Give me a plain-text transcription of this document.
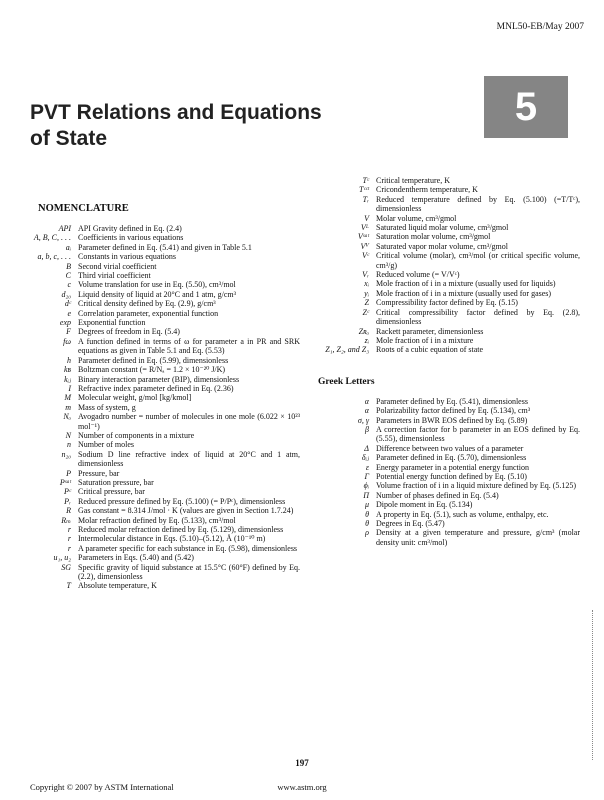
MNL50-EB/May 2007
PVT Relations and Equations
of State
5
NOMENCLATURE
API API Gravity defined in Eq. (2.4)
A, B, C, . . . Coefficients in various equations
aᵢ Parameter defined in Eq. (5.41) and given in Table 5.1
a, b, c, . . . Constants in various equations
B Second virial coefficient
C Third virial coefficient
c Volume translation for use in Eq. (5.50), cm³/mol
d₂₀ Liquid density of liquid at 20°C and 1 atm, g/cm³
dᶜ Critical density defined by Eq. (2.9), g/cm³
e Correlation parameter, exponential function
exp Exponential function
F Degrees of freedom in Eq. (5.4)
fω A function defined in terms of ω for parameter a in PR and SRK equations as given in Table 5.1 and Eq. (5.53)
h Parameter defined in Eq. (5.99), dimensionless
kʙ Boltzman constant (= R/Nₐ = 1.2 × 10⁻²⁰ J/K)
kᵢⱼ Binary interaction parameter (BIP), dimensionless
I Refractive index parameter defined in Eq. (2.36)
M Molecular weight, g/mol [kg/kmol]
m Mass of system, g
Nₐ Avogadro number = number of molecules in one mole (6.022 × 10²³ mol⁻¹)
N Number of components in a mixture
n Number of moles
n₂₀ Sodium D line refractive index of liquid at 20°C and 1 atm, dimensionless
P Pressure, bar
Pˢᵃᵗ Saturation pressure, bar
Pᶜ Critical pressure, bar
Pᵣ Reduced pressure defined by Eq. (5.100) (= P/Pᶜ), dimensionless
R Gas constant = 8.314 J/mol · K (values are given in Section 1.7.24)
Rₘ Molar refraction defined by Eq. (5.133), cm³/mol
r Reduced molar refraction defined by Eq. (5.129), dimensionless
r Intermolecular distance in Eqs. (5.10)–(5.12), Å (10⁻¹⁰ m)
r A parameter specific for each substance in Eq. (5.98), dimensionless
u₁, u₂ Parameters in Eqs. (5.40) and (5.42)
SG Specific gravity of liquid substance at 15.5°C (60°F) defined by Eq. (2.2), dimensionless
T Absolute temperature, K
Tᶜ Critical temperature, K
Tᶜᶜᵗ Cricondentherm temperature, K
Tᵣ Reduced temperature defined by Eq. (5.100) (=T/Tᶜ), dimensionless
V Molar volume, cm³/gmol
Vᴸ Saturated liquid molar volume, cm³/gmol
Vˢᵃᵗ Saturation molar volume, cm³/gmol
Vⱽ Saturated vapor molar volume, cm³/gmol
Vᶜ Critical volume (molar), cm³/mol (or critical specific volume, cm³/g)
Vᵣ Reduced volume (= V/Vᶜ)
xᵢ Mole fraction of i in a mixture (usually used for liquids)
yᵢ Mole fraction of i in a mixture (usually used for gases)
Z Compressibility factor defined by Eq. (5.15)
Zᶜ Critical compressibility factor defined by Eq. (2.8), dimensionless
Zʀₐ Rackett parameter, dimensionless
zᵢ Mole fraction of i in a mixture
Z₁, Z₂, and Z₃ Roots of a cubic equation of state
Greek Letters
α Parameter defined by Eq. (5.41), dimensionless
α Polarizability factor defined by Eq. (5.134), cm³
σ, γ Parameters in BWR EOS defined by Eq. (5.89)
β A correction factor for b parameter in an EOS defined by Eq. (5.55), dimensionless
Δ Difference between two values of a parameter
δᵢⱼ Parameter defined in Eq. (5.70), dimensionless
ε Energy parameter in a potential energy function
Γ Potential energy function defined by Eq. (5.10)
ϕᵢ Volume fraction of i in a liquid mixture defined by Eq. (5.125)
Π Number of phases defined in Eq. (5.4)
μ Dipole moment in Eq. (5.134)
θ A property in Eq. (5.1), such as volume, enthalpy, etc.
θ Degrees in Eq. (5.47)
ρ Density at a given temperature and pressure, g/cm³ (molar density unit: cm³/mol)
197
Copyright © 2007 by ASTM International	www.astm.org
